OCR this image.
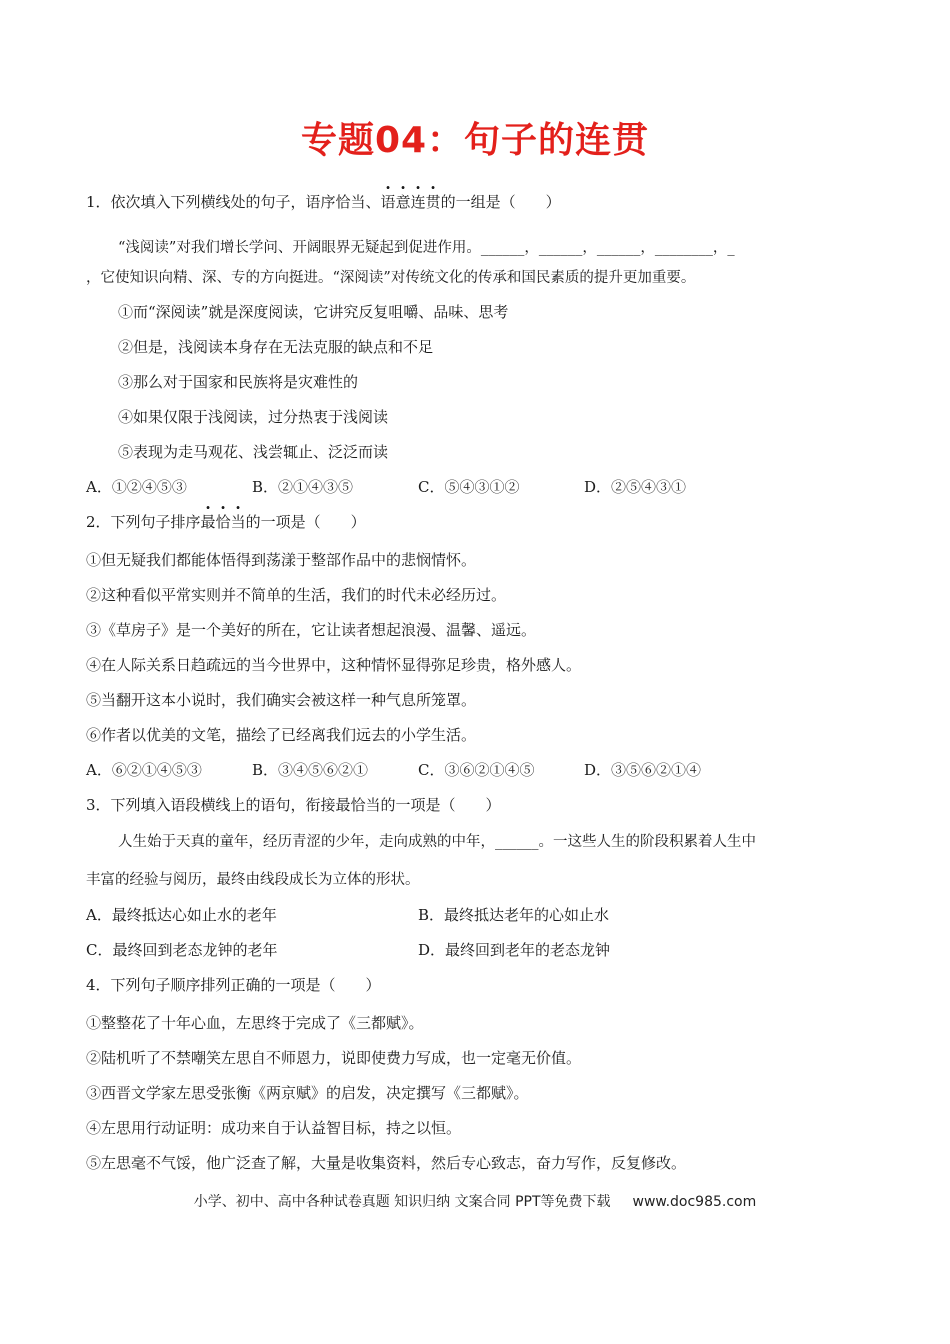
专题04：句子的连贯
1．依次填入下列横线处的句子，语序恰当、语意连贯的一组是（　　）
“浅阅读”对我们增长学问、开阔眼界无疑起到促进作用。______，______，______，________，_
，它使知识向精、深、专的方向挺进。“深阅读”对传统文化的传承和国民素质的提升更加重要。
①而“深阅读”就是深度阅读，它讲究反复咀嚼、品味、思考
②但是，浅阅读本身存在无法克服的缺点和不足
③那么对于国家和民族将是灾难性的
④如果仅限于浅阅读，过分热衷于浅阅读
⑤表现为走马观花、浅尝辄止、泛泛而读
A．①②④⑤③	B．②①④③⑤	C．⑤④③①②	D．②⑤④③①
2．下列句子排序最恰当的一项是（　　）
①但无疑我们都能体悟得到荡漾于整部作品中的悲悯情怀。
②这种看似平常实则并不简单的生活，我们的时代未必经历过。
③《草房子》是一个美好的所在，它让读者想起浪漫、温馨、遥远。
④在人际关系日趋疏远的当今世界中，这种情怀显得弥足珍贵，格外感人。
⑤当翻开这本小说时，我们确实会被这样一种气息所笼罩。
⑥作者以优美的文笔，描绘了已经离我们远去的小学生活。
A．⑥②①④⑤③	B．③④⑤⑥②①	C．③⑥②①④⑤	D．③⑤⑥②①④
3．下列填入语段横线上的语句，衔接最恰当的一项是（　　）
人生始于天真的童年，经历青涩的少年，走向成熟的中年，______。一这些人生的阶段积累着人生中
丰富的经验与阅历，最终由线段成长为立体的形状。
A．最终抵达心如止水的老年	B．最终抵达老年的心如止水
C．最终回到老态龙钟的老年	D．最终回到老年的老态龙钟
4．下列句子顺序排列正确的一项是（　　）
①整整花了十年心血，左思终于完成了《三都赋》。
②陆机听了不禁嘲笑左思自不师恩力，说即使费力写成，也一定毫无价值。
③西晋文学家左思受张衡《两京赋》的启发，决定撰写《三都赋》。
④左思用行动证明：成功来自于认益智目标，持之以恒。
⑤左思毫不气馁，他广泛查了解，大量是收集资料，然后专心致志，奋力写作，反复修改。
小学、初中、高中各种试卷真题 知识归纳 文案合同 PPT等免费下载 www.doc985.com
